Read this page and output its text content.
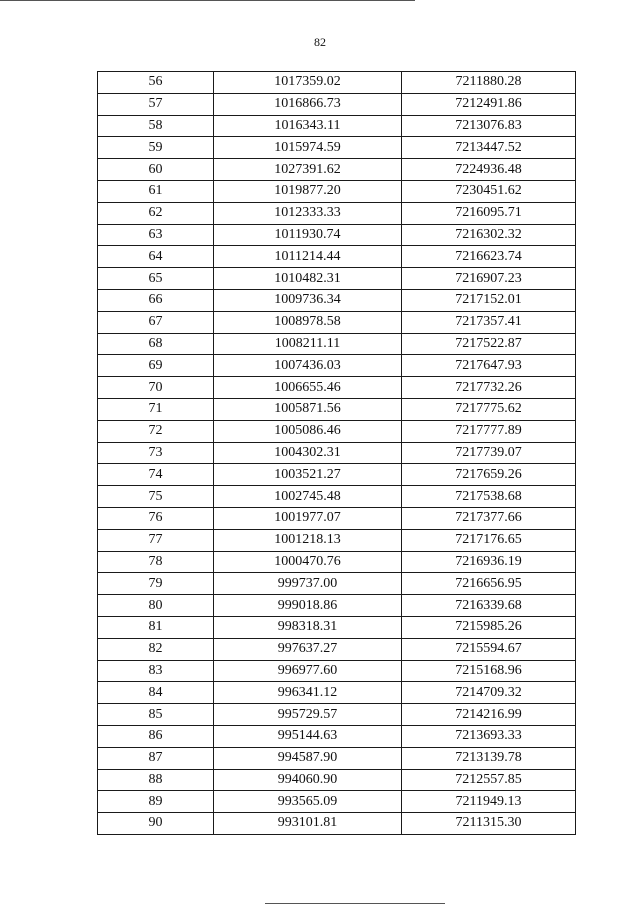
82
56	1017359.02	7211880.28
57	1016866.73	7212491.86
58	1016343.11	7213076.83
59	1015974.59	7213447.52
60	1027391.62	7224936.48
61	1019877.20	7230451.62
62	1012333.33	7216095.71
63	1011930.74	7216302.32
64	1011214.44	7216623.74
65	1010482.31	7216907.23
66	1009736.34	7217152.01
67	1008978.58	7217357.41
68	1008211.11	7217522.87
69	1007436.03	7217647.93
70	1006655.46	7217732.26
71	1005871.56	7217775.62
72	1005086.46	7217777.89
73	1004302.31	7217739.07
74	1003521.27	7217659.26
75	1002745.48	7217538.68
76	1001977.07	7217377.66
77	1001218.13	7217176.65
78	1000470.76	7216936.19
79	999737.00	7216656.95
80	999018.86	7216339.68
81	998318.31	7215985.26
82	997637.27	7215594.67
83	996977.60	7215168.96
84	996341.12	7214709.32
85	995729.57	7214216.99
86	995144.63	7213693.33
87	994587.90	7213139.78
88	994060.90	7212557.85
89	993565.09	7211949.13
90	993101.81	7211315.30
